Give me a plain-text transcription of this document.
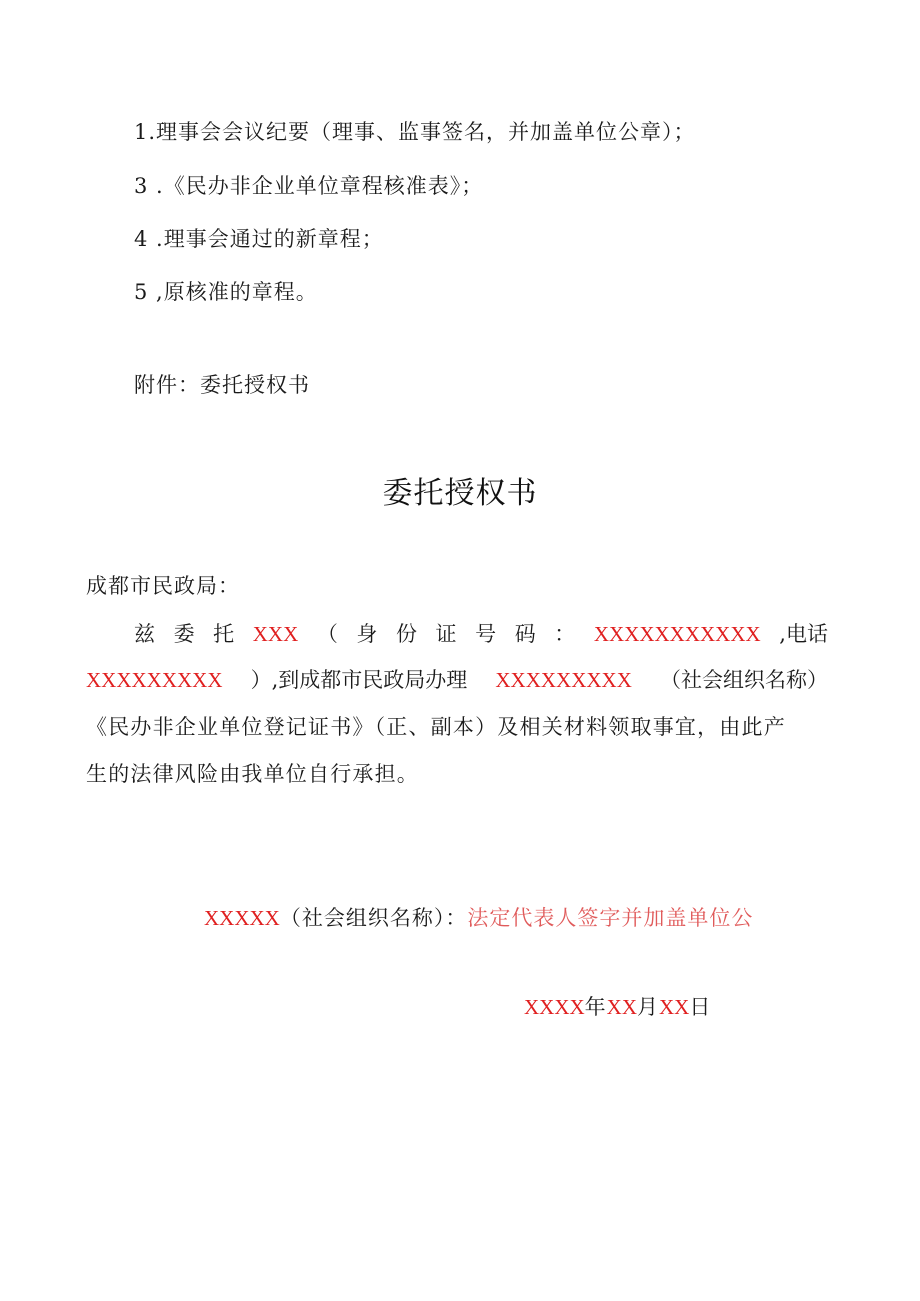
1.理事会会议纪要（理事、监事签名，并加盖单位公章）；
3 .《民办非企业单位章程核准表》；
4 .理事会通过的新章程；
5 ,原核准的章程。
附件：委托授权书
委托授权书
成都市民政局：
兹 委 托 XXX （ 身 份 证 号 码 ： XXXXXXXXXXX ,电话
XXXXXXXXX ）,到成都市民政局办理 XXXXXXXXX （社会组织名称）
《民办非企业单位登记证书》（正、副本）及相关材料领取事宜，由此产
生的法律风险由我单位自行承担。
XXXXX（社会组织名称）：法定代表人签字并加盖单位公
XXXX年XX月XX日
